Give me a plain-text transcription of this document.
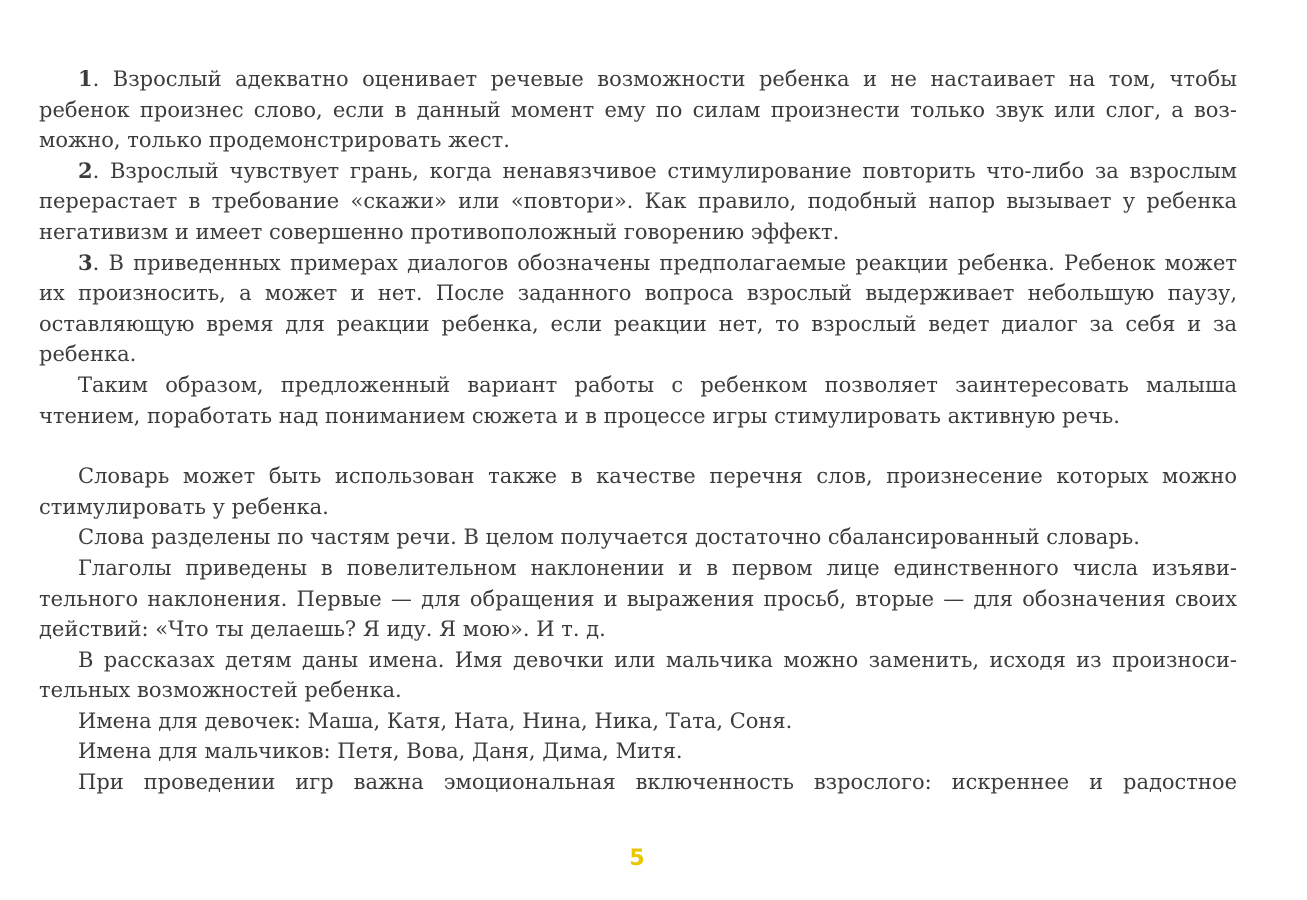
1. Взрослый адекватно оценивает речевые возможности ребенка и не настаивает на том, чтобы ребенок произнес слово, если в данный момент ему по силам произнести только звук или слог, а возможно, только продемонстрировать жест.

2. Взрослый чувствует грань, когда ненавязчивое стимулирование повторить что-либо за взрослым перерастает в требование «скажи» или «повтори». Как правило, подобный напор вызывает у ребенка негативизм и имеет совершенно противоположный говорению эффект.

3. В приведенных примерах диалогов обозначены предполагаемые реакции ребенка. Ребенок может их произносить, а может и нет. После заданного вопроса взрослый выдерживает небольшую паузу, оставляющую время для реакции ребенка, если реакции нет, то взрослый ведет диалог за себя и за ребенка.

Таким образом, предложенный вариант работы с ребенком позволяет заинтересовать малыша чтением, поработать над пониманием сюжета и в процессе игры стимулировать активную речь.

Словарь может быть использован также в качестве перечня слов, произнесение которых можно стимулировать у ребенка.

Слова разделены по частям речи. В целом получается достаточно сбалансированный словарь.

Глаголы приведены в повелительном наклонении и в первом лице единственного числа изъявительного наклонения. Первые — для обращения и выражения просьб, вторые — для обозначения своих действий: «Что ты делаешь? Я иду. Я мою». И т. д.

В рассказах детям даны имена. Имя девочки или мальчика можно заменить, исходя из произносительных возможностей ребенка.

Имена для девочек: Маша, Катя, Ната, Нина, Ника, Тата, Соня.

Имена для мальчиков: Петя, Вова, Даня, Дима, Митя.

При проведении игр важна эмоциональная включенность взрослого: искреннее и радостное

5
